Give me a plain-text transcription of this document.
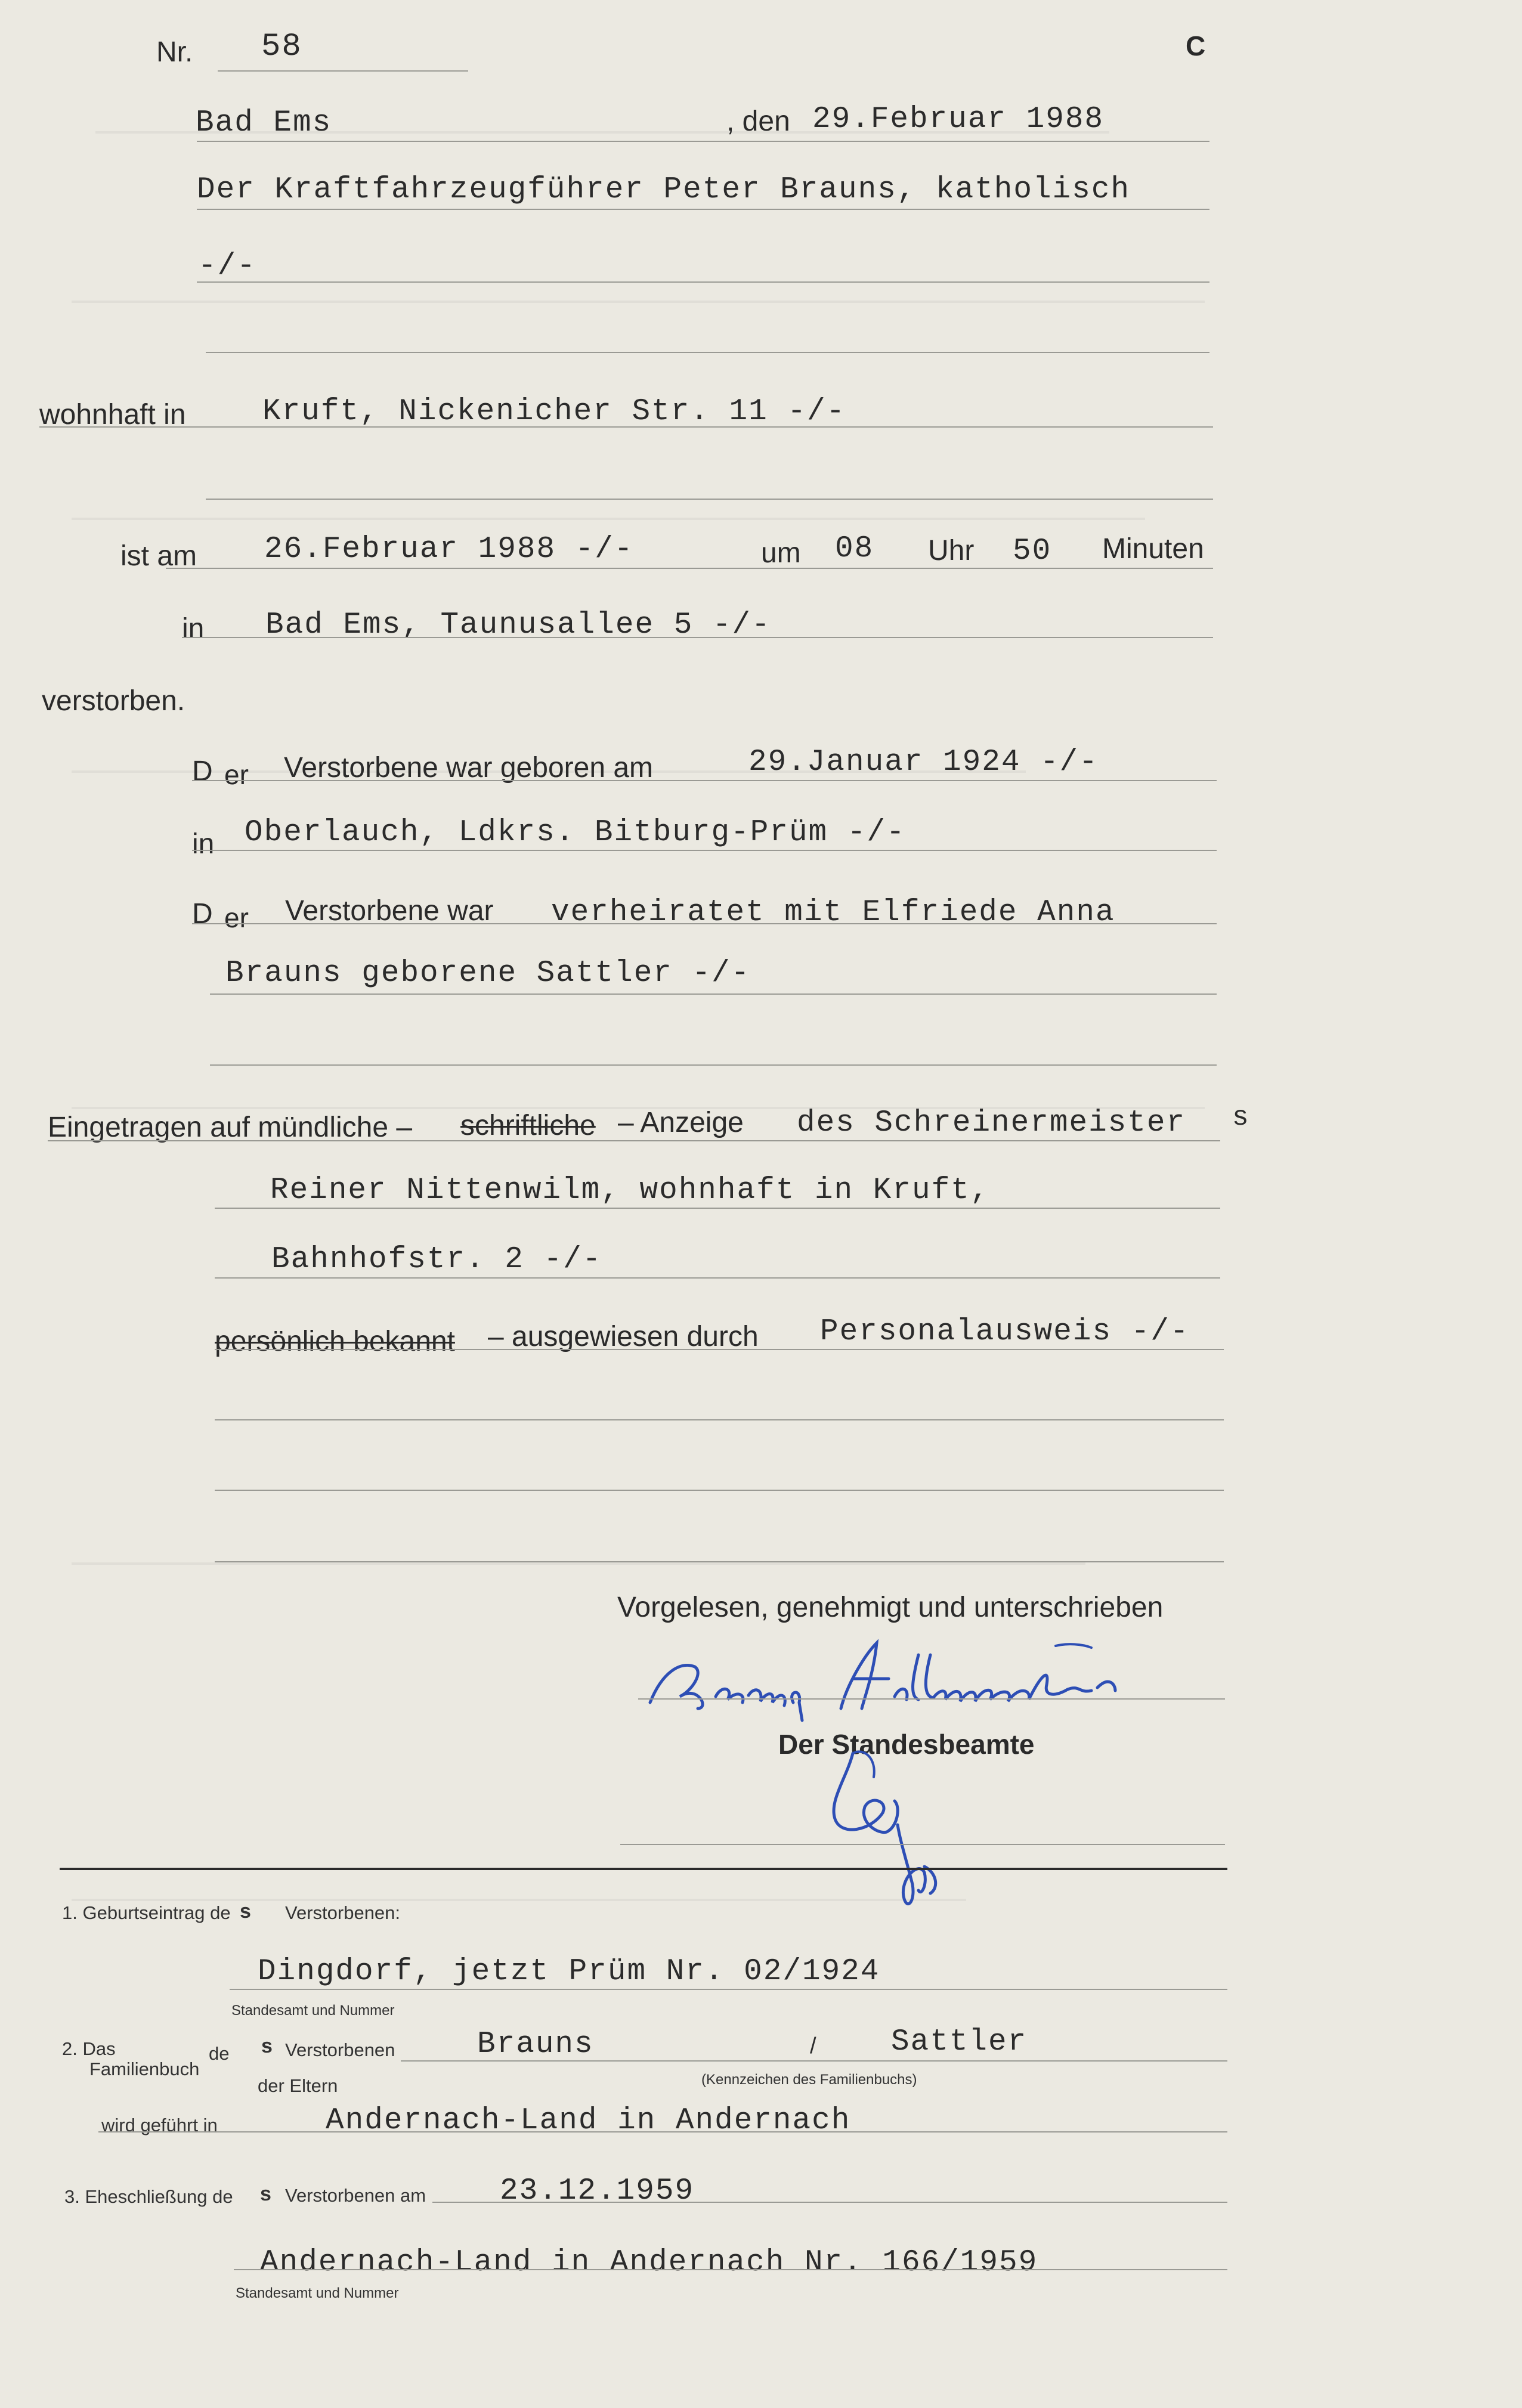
Nr. 58	C
Bad Ems	, den 29.Februar 1988
Der Kraftfahrzeugführer Peter Brauns, katholisch
-/-
wohnhaft in	Kruft, Nickenicher Str. 11 -/-
ist am 26.Februar 1988 -/-	um 08 Uhr 50 Minuten
in Bad Ems, Taunusallee 5 -/-
verstorben.
D er Verstorbene war geboren am	29.Januar 1924 -/-
in Oberlauch, Ldkrs. Bitburg-Prüm -/-
D er Verstorbene war verheiratet mit Elfriede Anna
Brauns geborene Sattler -/-
Eingetragen auf mündliche – schriftliche – Anzeige des Schreinermeister s
Reiner Nittenwilm, wohnhaft in Kruft,
Bahnhofstr. 2 -/-
persönlich bekannt – ausgewiesen durch Personalausweis -/-
Vorgelesen, genehmigt und unterschrieben
Der Standesbeamte
1. Geburtseintrag de s Verstorbenen:
Dingdorf, jetzt Prüm Nr. 02/1924
Standesamt und Nummer
2. Das
Familienbuch
de s Verstorbenen
der Eltern
Brauns	/ Sattler
(Kennzeichen des Familienbuchs)
wird geführt in	Andernach-Land in Andernach
3. Eheschließung de s Verstorbenen am 23.12.1959
Andernach-Land in Andernach Nr. 166/1959
Standesamt und Nummer
